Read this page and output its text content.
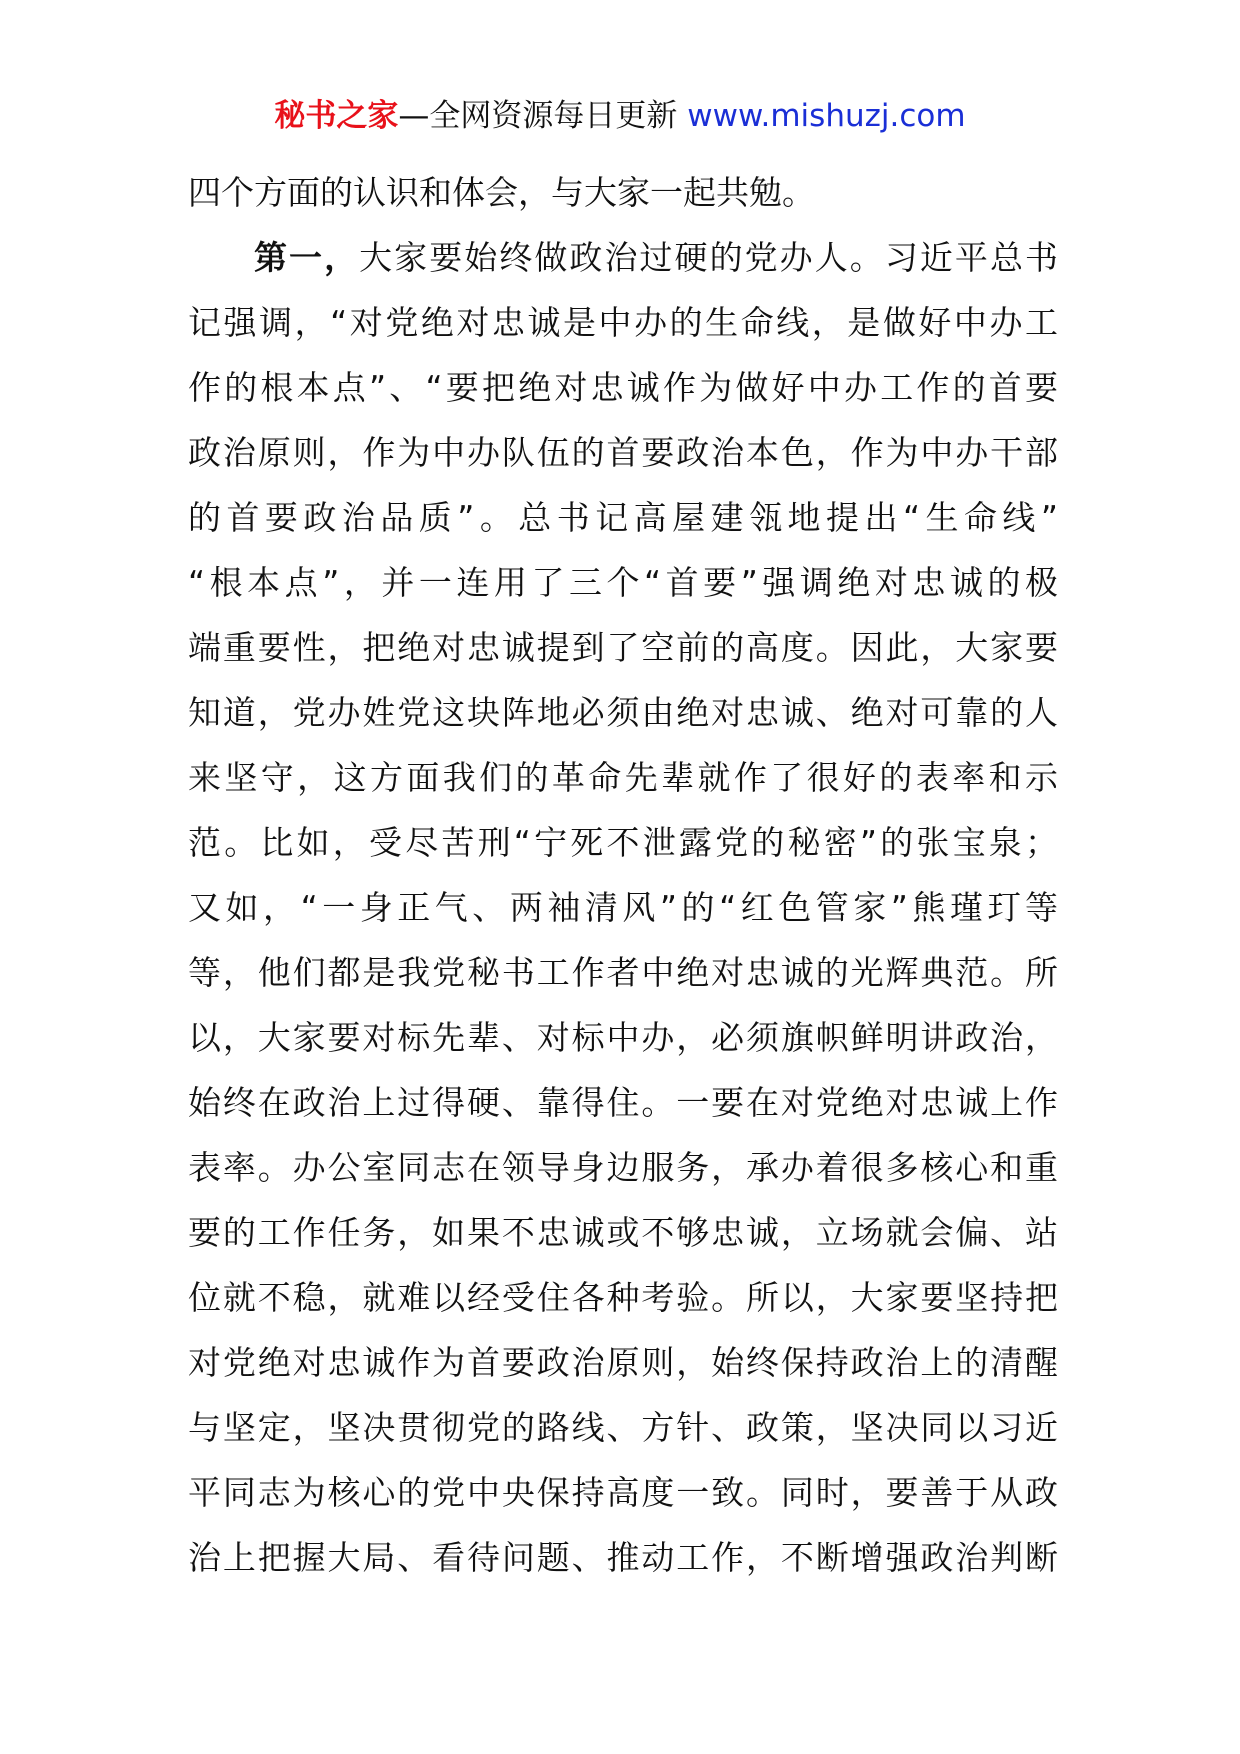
秘书之家—全网资源每日更新 www.mishuzj.com
四个方面的认识和体会，与大家一起共勉。
第一，大家要始终做政治过硬的党办人。习近平总书
记强调，“对党绝对忠诚是中办的生命线，是做好中办工
作的根本点”、“要把绝对忠诚作为做好中办工作的首要
政治原则，作为中办队伍的首要政治本色，作为中办干部
的首要政治品质”。总书记高屋建瓴地提出“生命线”
“根本点”，并一连用了三个“首要”强调绝对忠诚的极
端重要性，把绝对忠诚提到了空前的高度。因此，大家要
知道，党办姓党这块阵地必须由绝对忠诚、绝对可靠的人
来坚守，这方面我们的革命先辈就作了很好的表率和示
范。比如，受尽苦刑“宁死不泄露党的秘密”的张宝泉；
又如，“一身正气、两袖清风”的“红色管家”熊瑾玎等
等，他们都是我党秘书工作者中绝对忠诚的光辉典范。所
以，大家要对标先辈、对标中办，必须旗帜鲜明讲政治，
始终在政治上过得硬、靠得住。一要在对党绝对忠诚上作
表率。办公室同志在领导身边服务，承办着很多核心和重
要的工作任务，如果不忠诚或不够忠诚，立场就会偏、站
位就不稳，就难以经受住各种考验。所以，大家要坚持把
对党绝对忠诚作为首要政治原则，始终保持政治上的清醒
与坚定，坚决贯彻党的路线、方针、政策，坚决同以习近
平同志为核心的党中央保持高度一致。同时，要善于从政
治上把握大局、看待问题、推动工作，不断增强政治判断
